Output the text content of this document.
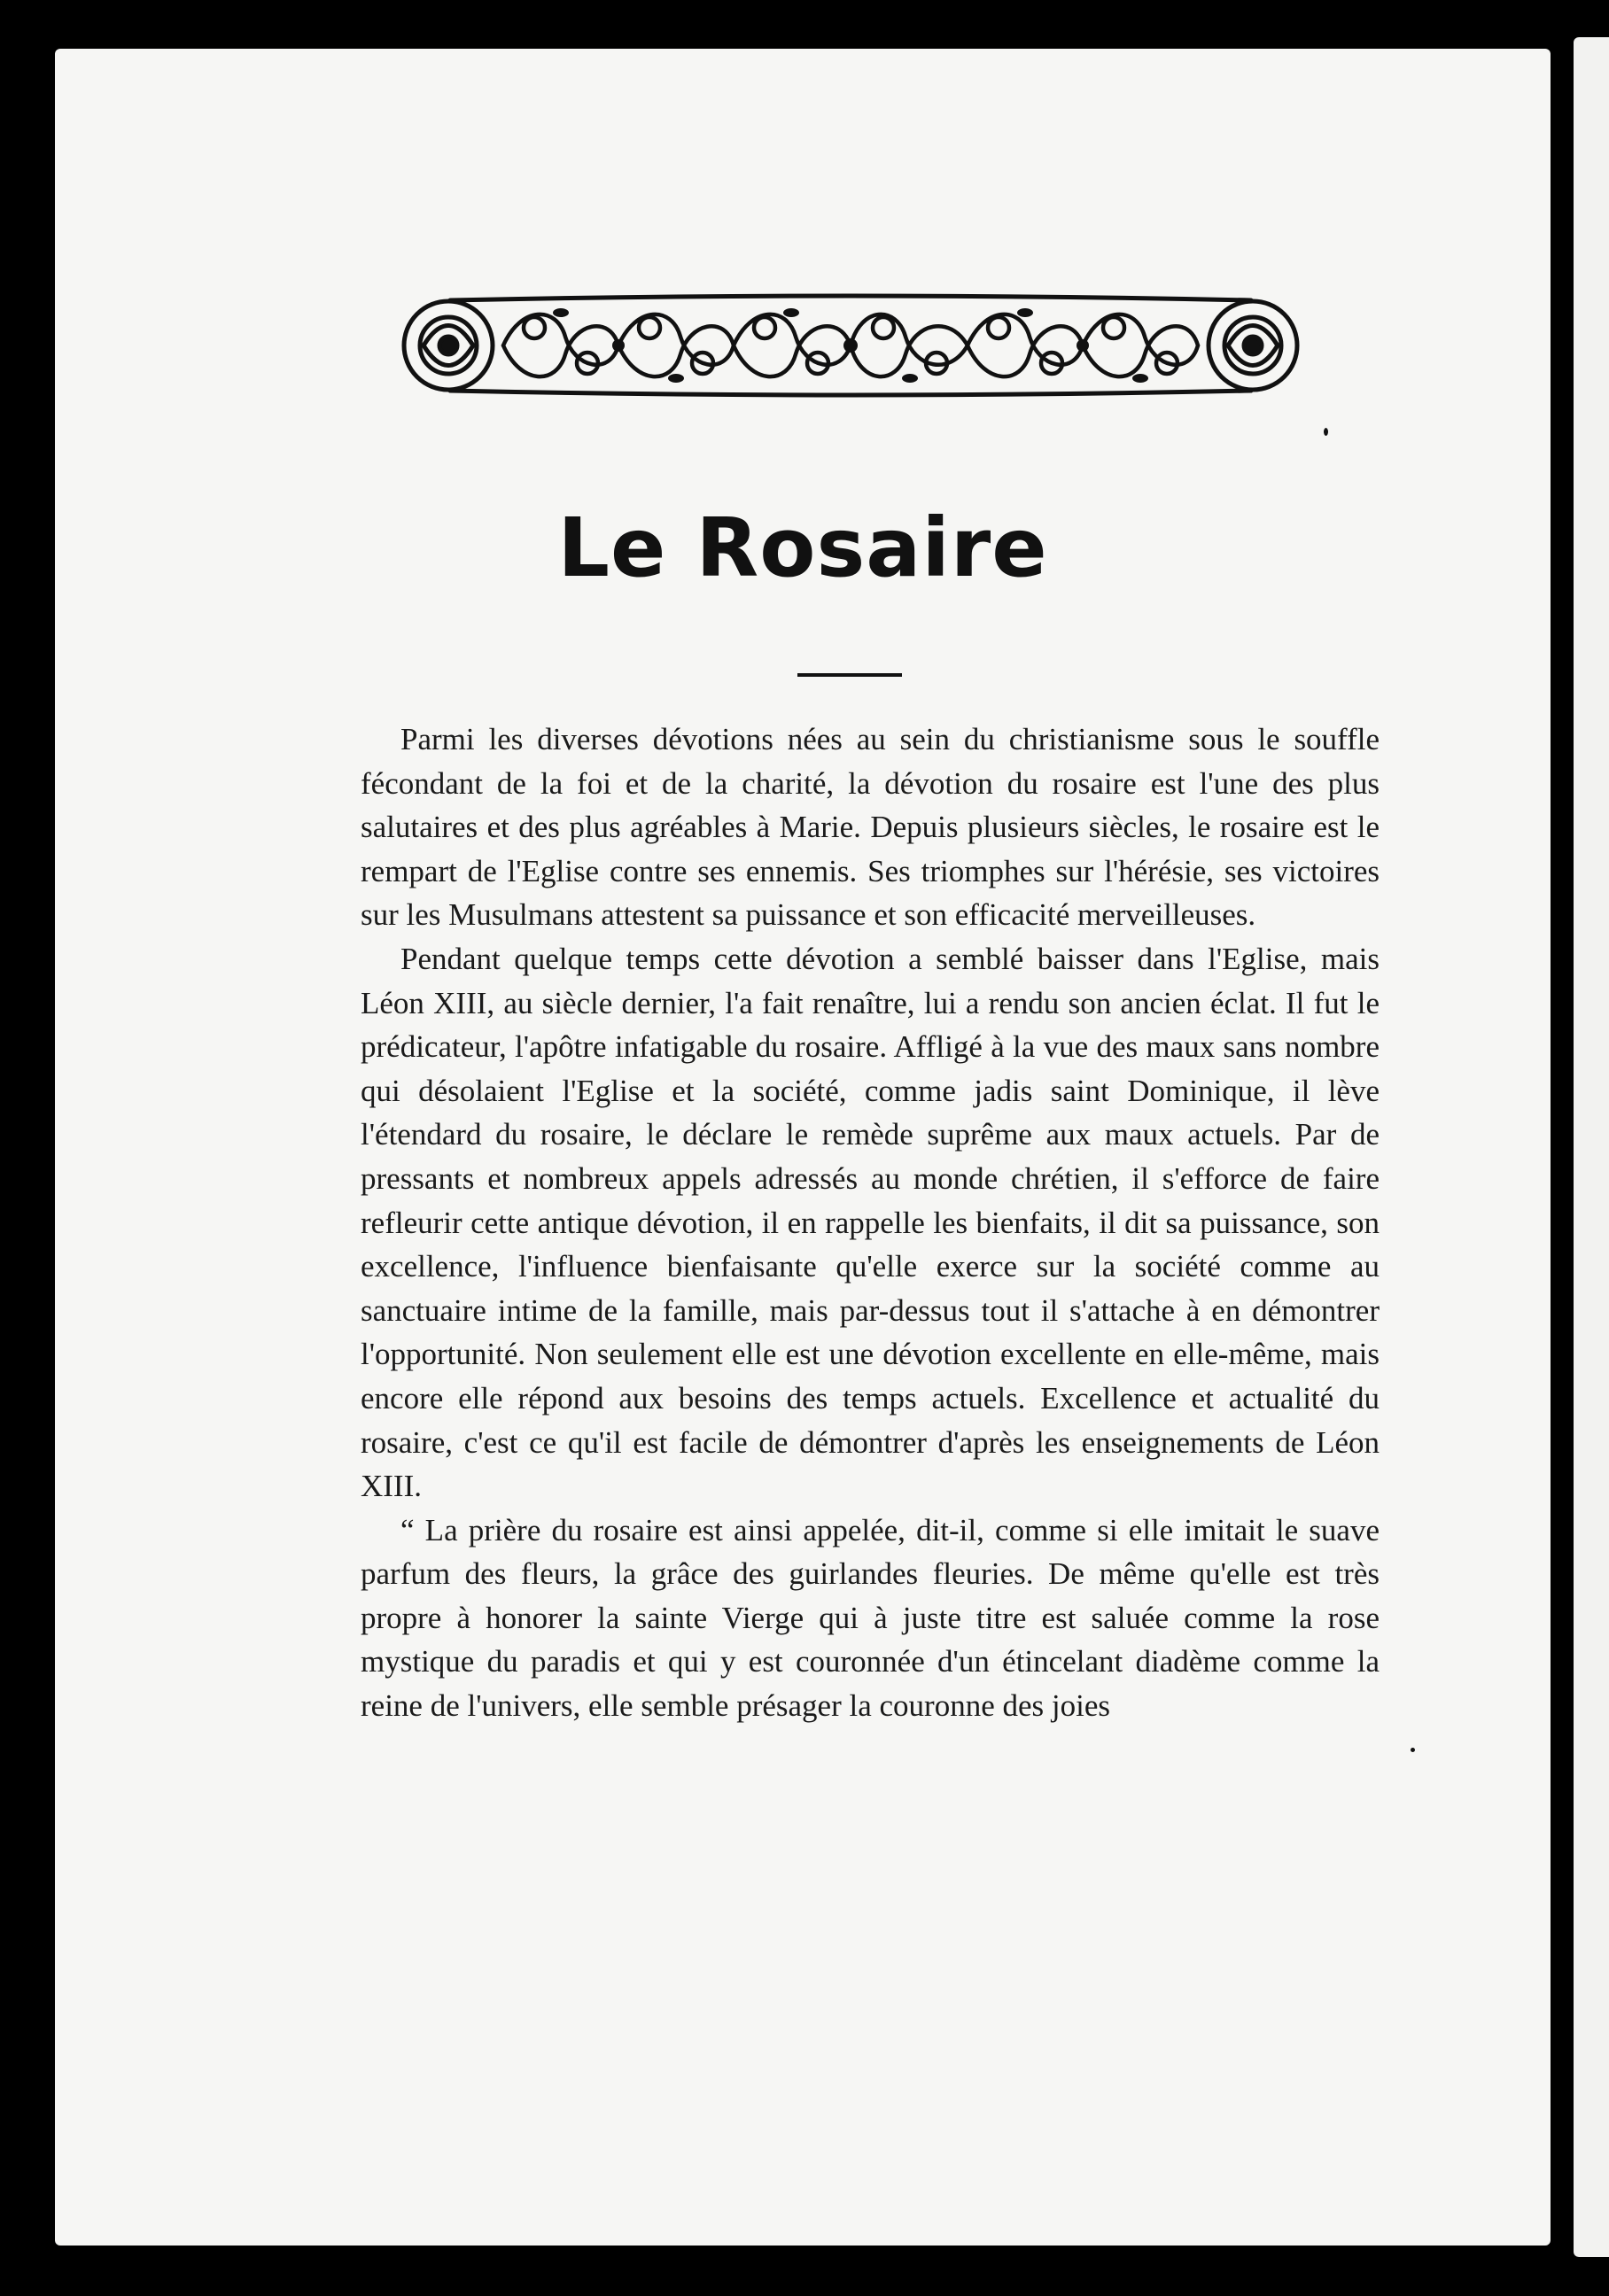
Le Rosaire

Parmi les diverses dévotions nées au sein du christianisme sous le souffle fécondant de la foi et de la charité, la dévotion du rosaire est l'une des plus salutaires et des plus agréables à Marie. Depuis plusieurs siècles, le rosaire est le rempart de l'Eglise contre ses ennemis. Ses triomphes sur l'hérésie, ses victoires sur les Musulmans attestent sa puissance et son efficacité merveilleuses.

Pendant quelque temps cette dévotion a semblé baisser dans l'Eglise, mais Léon XIII, au siècle dernier, l'a fait renaître, lui a rendu son ancien éclat. Il fut le prédicateur, l'apôtre infatigable du rosaire. Affligé à la vue des maux sans nombre qui désolaient l'Eglise et la société, comme jadis saint Dominique, il lève l'étendard du rosaire, le déclare le remède suprême aux maux actuels. Par de pressants et nombreux appels adressés au monde chrétien, il s'efforce de faire refleurir cette antique dévotion, il en rappelle les bienfaits, il dit sa puissance, son excellence, l'influence bienfaisante qu'elle exerce sur la société comme au sanctuaire intime de la famille, mais par-dessus tout il s'attache à en démontrer l'opportunité. Non seulement elle est une dévotion excellente en elle-même, mais encore elle répond aux besoins des temps actuels. Excellence et actualité du rosaire, c'est ce qu'il est facile de démontrer d'après les enseignements de Léon XIII.

“ La prière du rosaire est ainsi appelée, dit-il, comme si elle imitait le suave parfum des fleurs, la grâce des guirlandes fleuries. De même qu'elle est très propre à honorer la sainte Vierge qui à juste titre est saluée comme la rose mystique du paradis et qui y est couronnée d'un étincelant diadème comme la reine de l'univers, elle semble présager la couronne des joies
